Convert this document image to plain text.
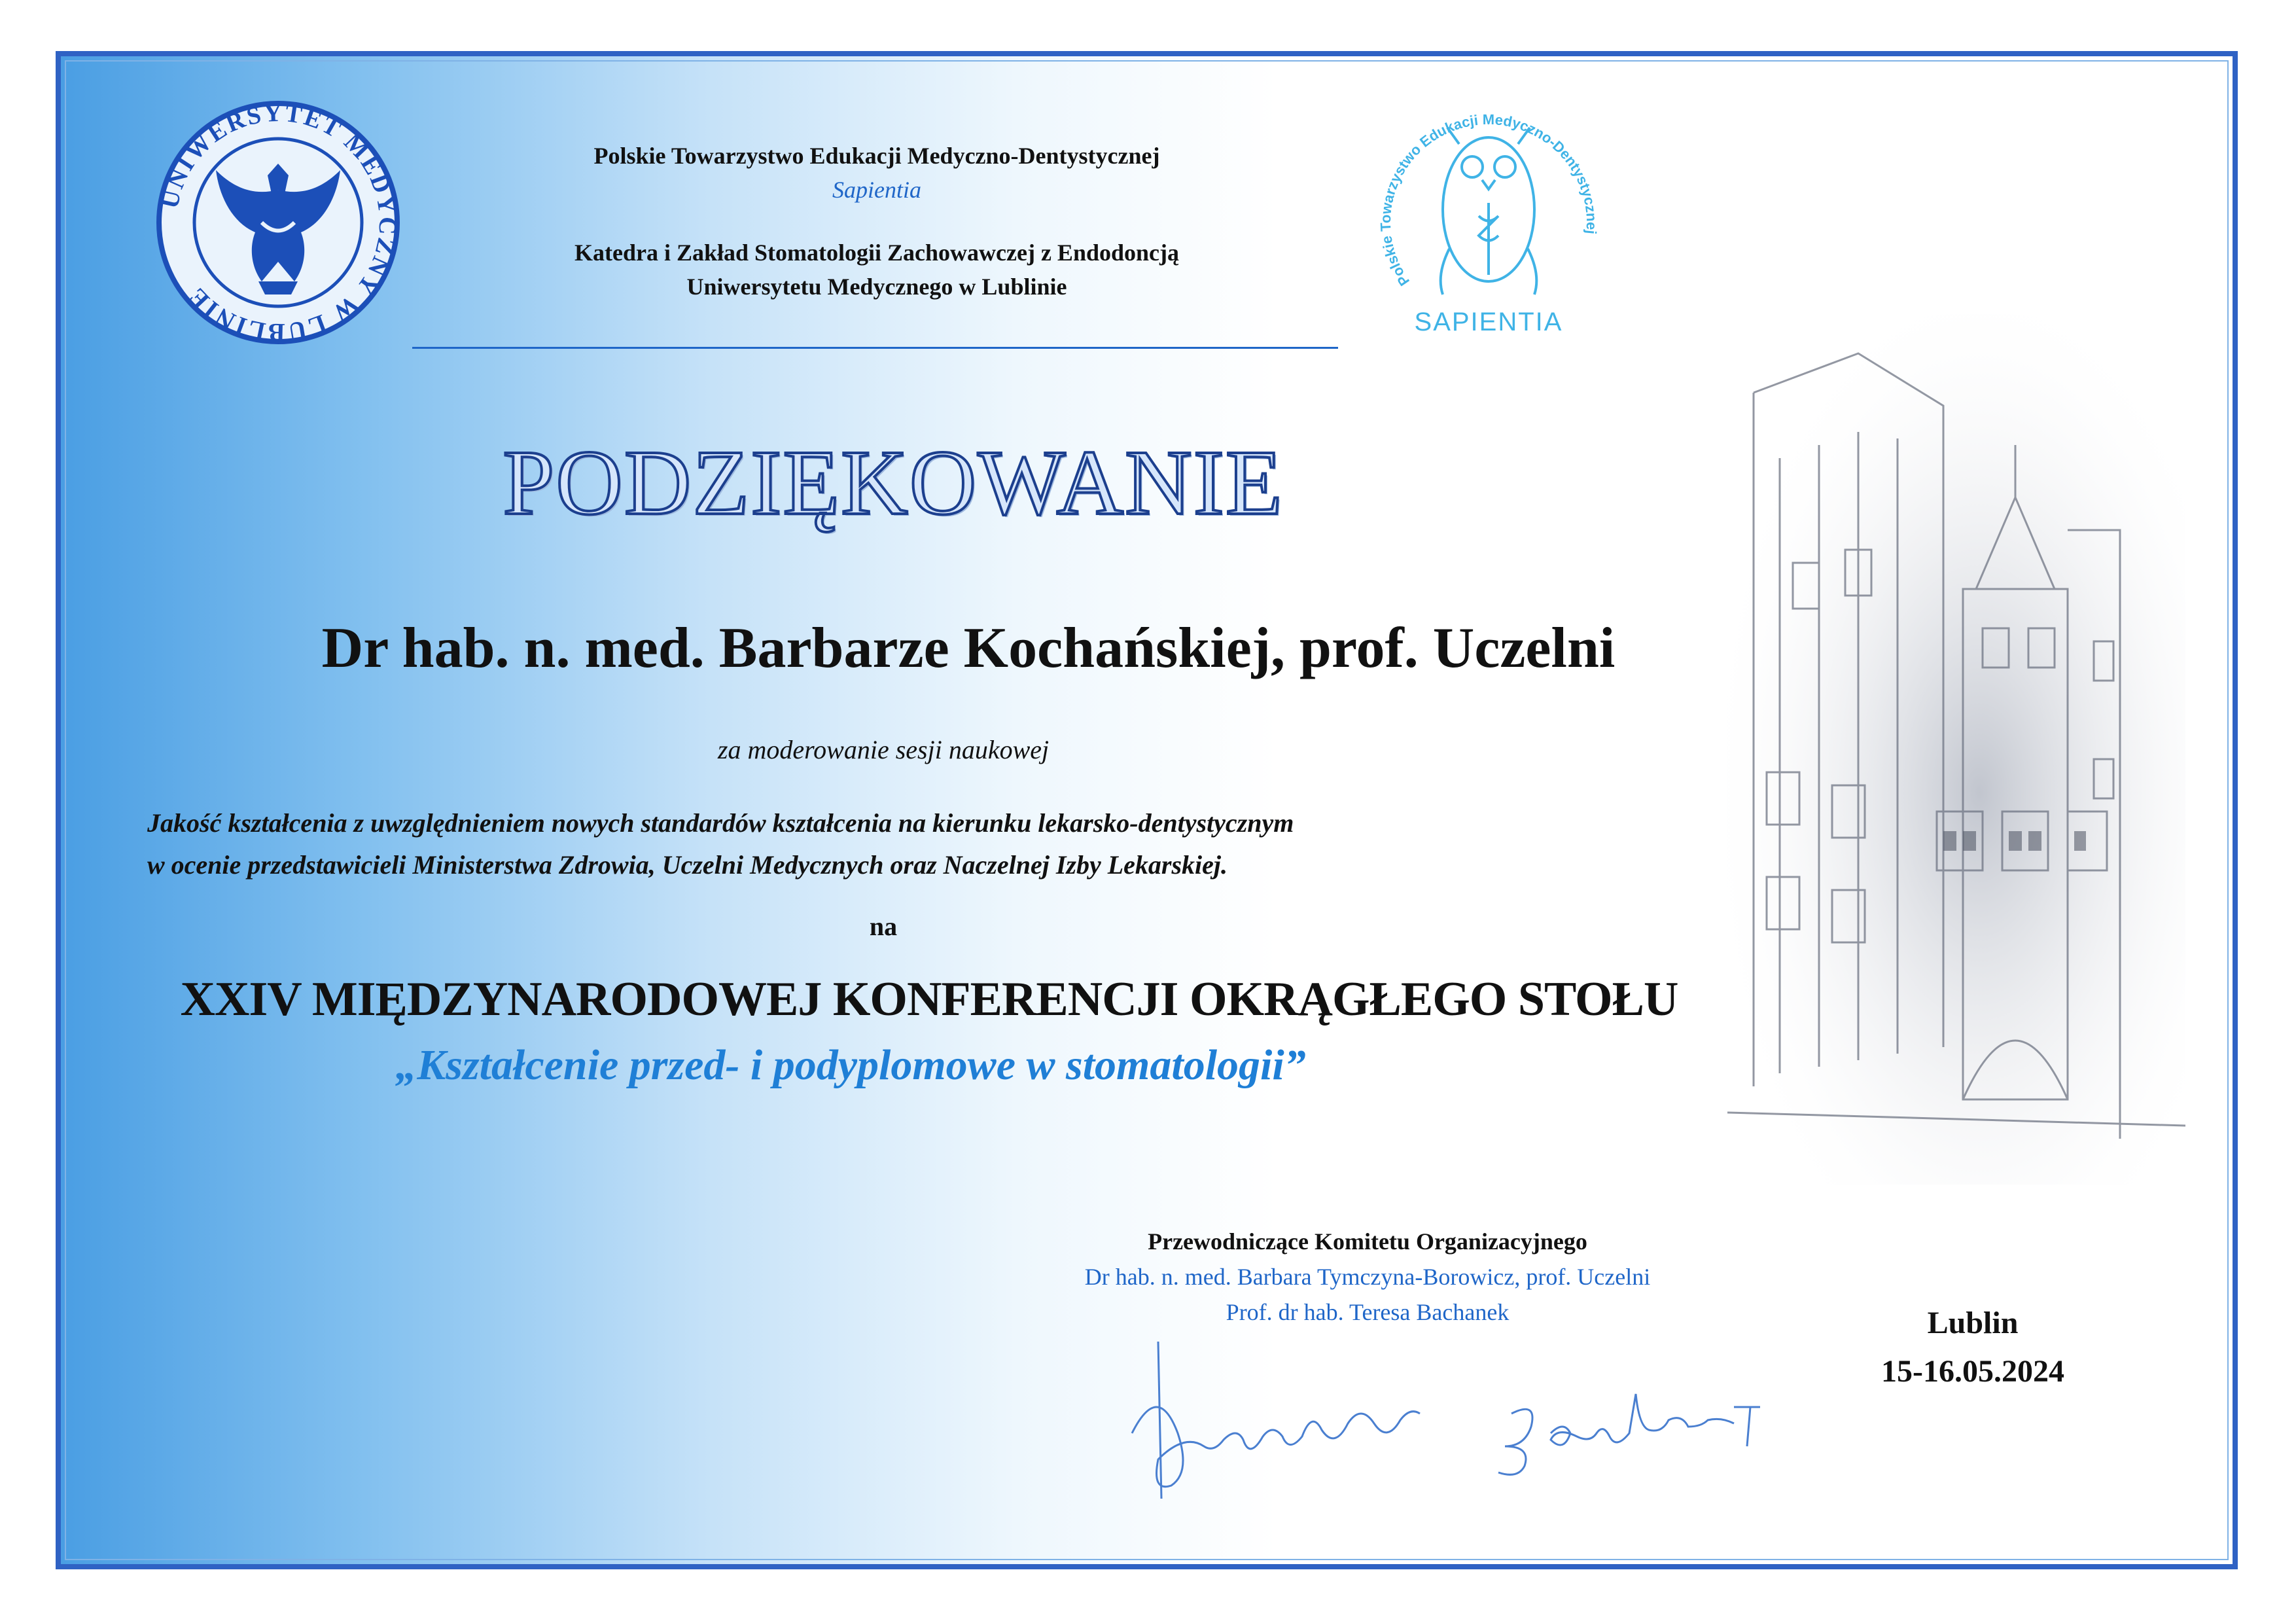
UNIWERSYTET MEDYCZNY W LUBLINIE
Polskie Towarzystwo Edukacji Medyczno-Dentystycznej
SAPIENTIA
Polskie Towarzystwo Edukacji Medyczno-Dentystycznej
Sapientia
Katedra i Zakład Stomatologii Zachowawczej z Endodoncją
Uniwersytetu Medycznego w Lublinie
PODZIĘKOWANIE
Dr hab. n. med. Barbarze Kochańskiej, prof. Uczelni
za moderowanie sesji naukowej
Jakość kształcenia z uwzględnieniem nowych standardów kształcenia na kierunku lekarsko-dentystycznym
w ocenie przedstawicieli Ministerstwa Zdrowia, Uczelni Medycznych oraz Naczelnej Izby Lekarskiej.
na
XXIV MIĘDZYNARODOWEJ KONFERENCJI OKRĄGŁEGO STOŁU
„Kształcenie przed- i podyplomowe w stomatologii”
Przewodniczące Komitetu Organizacyjnego
Dr hab. n. med. Barbara Tymczyna-Borowicz, prof. Uczelni
Prof. dr hab. Teresa Bachanek	Lublin
15-16.05.2024
